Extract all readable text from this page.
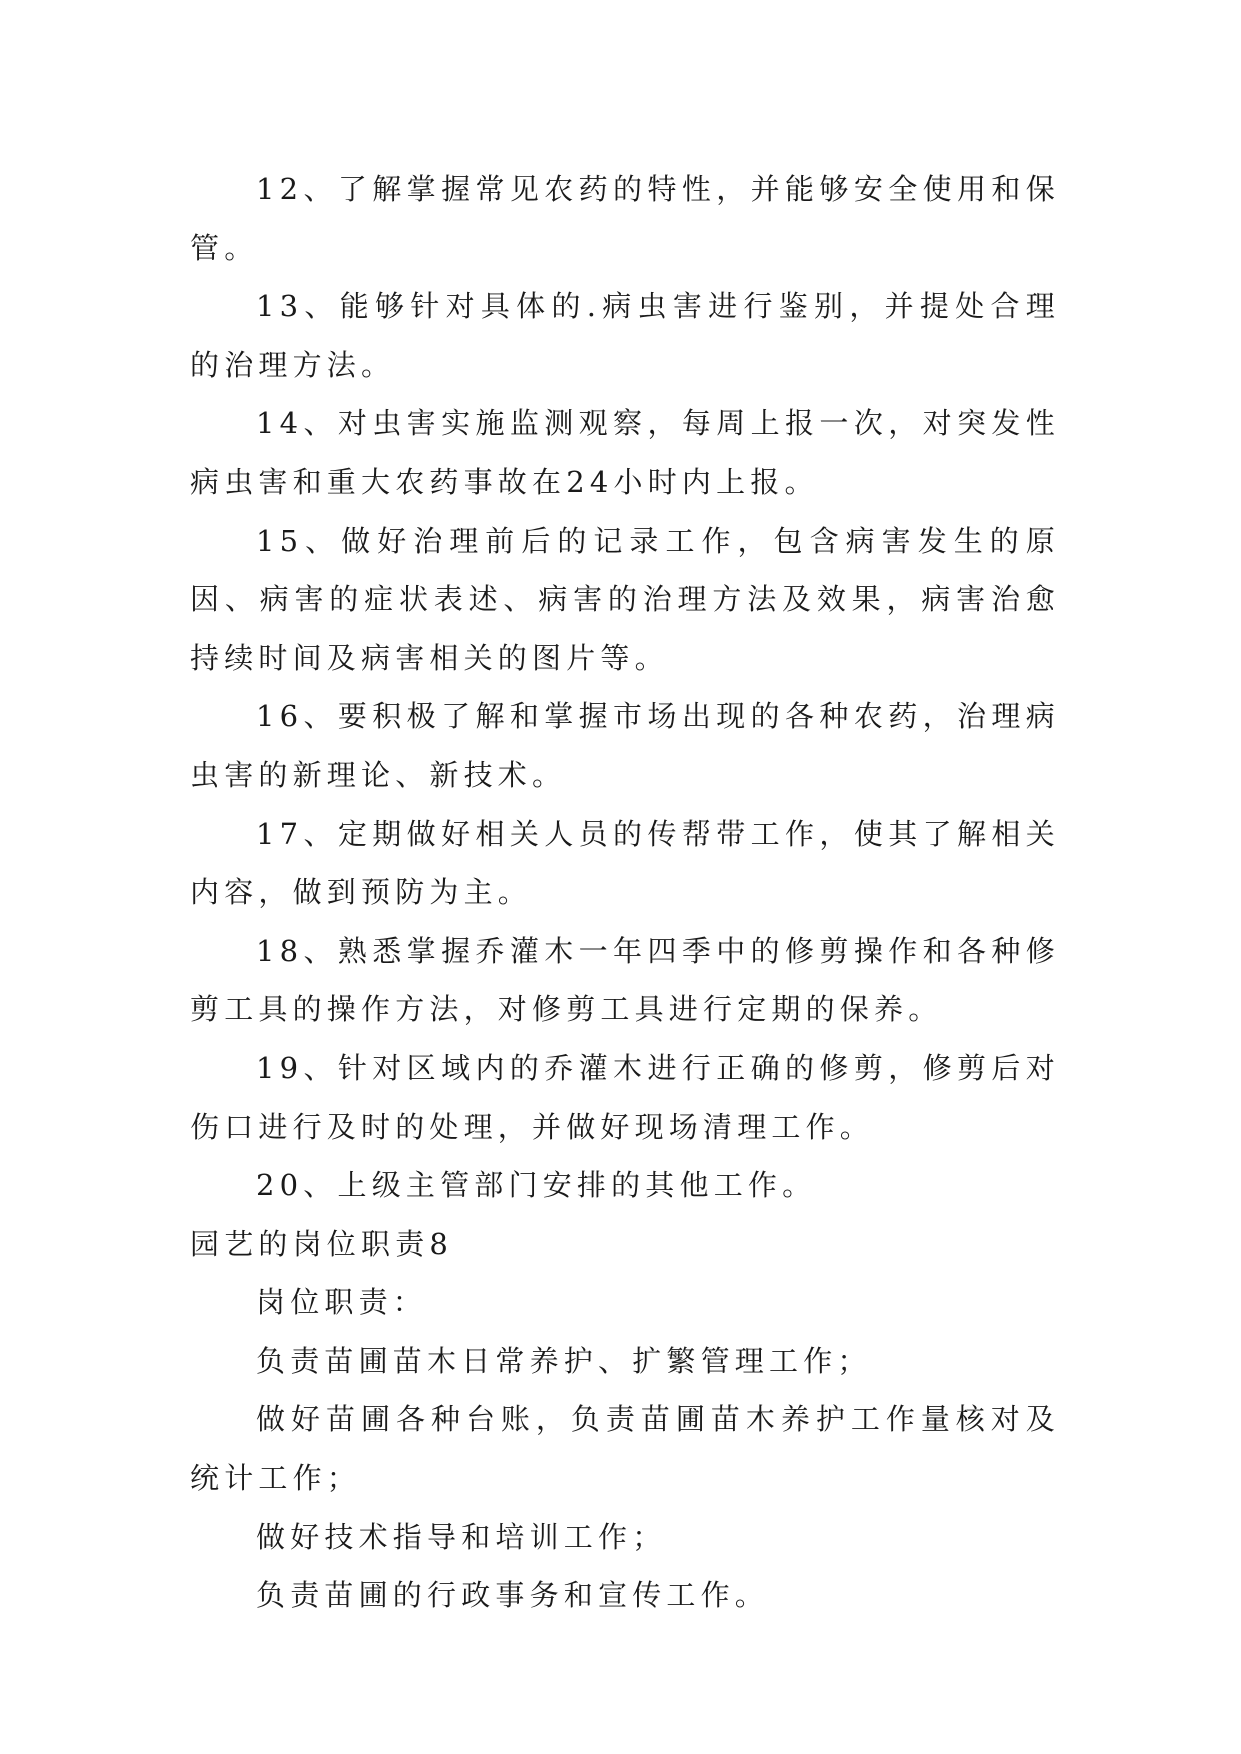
12、了解掌握常见农药的特性，并能够安全使用和保管。

13、能够针对具体的.病虫害进行鉴别，并提处合理的治理方法。

14、对虫害实施监测观察，每周上报一次，对突发性病虫害和重大农药事故在24小时内上报。

15、做好治理前后的记录工作，包含病害发生的原因、病害的症状表述、病害的治理方法及效果，病害治愈持续时间及病害相关的图片等。

16、要积极了解和掌握市场出现的各种农药，治理病虫害的新理论、新技术。

17、定期做好相关人员的传帮带工作，使其了解相关内容，做到预防为主。

18、熟悉掌握乔灌木一年四季中的修剪操作和各种修剪工具的操作方法，对修剪工具进行定期的保养。

19、针对区域内的乔灌木进行正确的修剪，修剪后对伤口进行及时的处理，并做好现场清理工作。

20、上级主管部门安排的其他工作。

园艺的岗位职责8

岗位职责：

负责苗圃苗木日常养护、扩繁管理工作；

做好苗圃各种台账，负责苗圃苗木养护工作量核对及统计工作；

做好技术指导和培训工作；

负责苗圃的行政事务和宣传工作。
